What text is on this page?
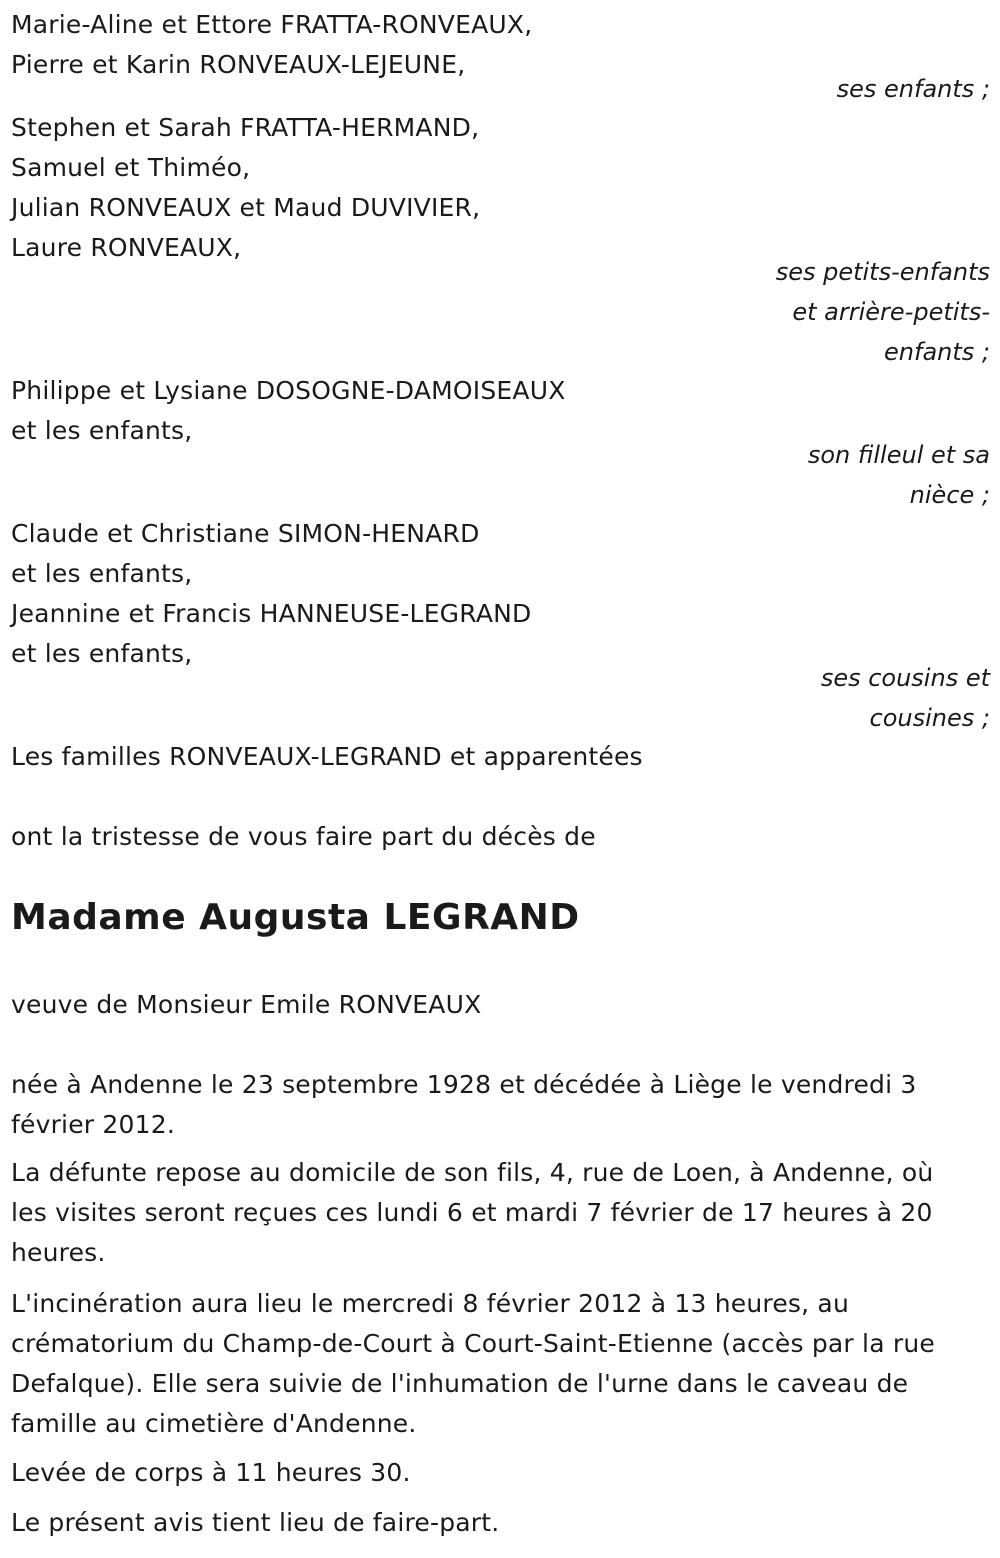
Marie-Aline et Ettore FRATTA-RONVEAUX,
Pierre et Karin RONVEAUX-LEJEUNE,
ses enfants ;
Stephen et Sarah FRATTA-HERMAND,
Samuel et Thiméo,
Julian RONVEAUX et Maud DUVIVIER,
Laure RONVEAUX,
ses petits-enfants
et arrière-petits-
enfants ;
Philippe et Lysiane DOSOGNE-DAMOISEAUX
et les enfants,
son filleul et sa
nièce ;
Claude et Christiane SIMON-HENARD
et les enfants,
Jeannine et Francis HANNEUSE-LEGRAND
et les enfants,
ses cousins et
cousines ;
Les familles RONVEAUX-LEGRAND et apparentées
ont la tristesse de vous faire part du décès de
Madame Augusta LEGRAND
veuve de Monsieur Emile RONVEAUX
née à Andenne le 23 septembre 1928 et décédée à Liège le vendredi 3 février 2012.
La défunte repose au domicile de son fils, 4, rue de Loen, à Andenne, où les visites seront reçues ces lundi 6 et mardi 7 février de 17 heures à 20 heures.
L'incinération aura lieu le mercredi 8 février 2012 à 13 heures, au crématorium du Champ-de-Court à Court-Saint-Etienne (accès par la rue Defalque). Elle sera suivie de l'inhumation de l'urne dans le caveau de famille au cimetière d'Andenne.
Levée de corps à 11 heures 30.
Le présent avis tient lieu de faire-part.
